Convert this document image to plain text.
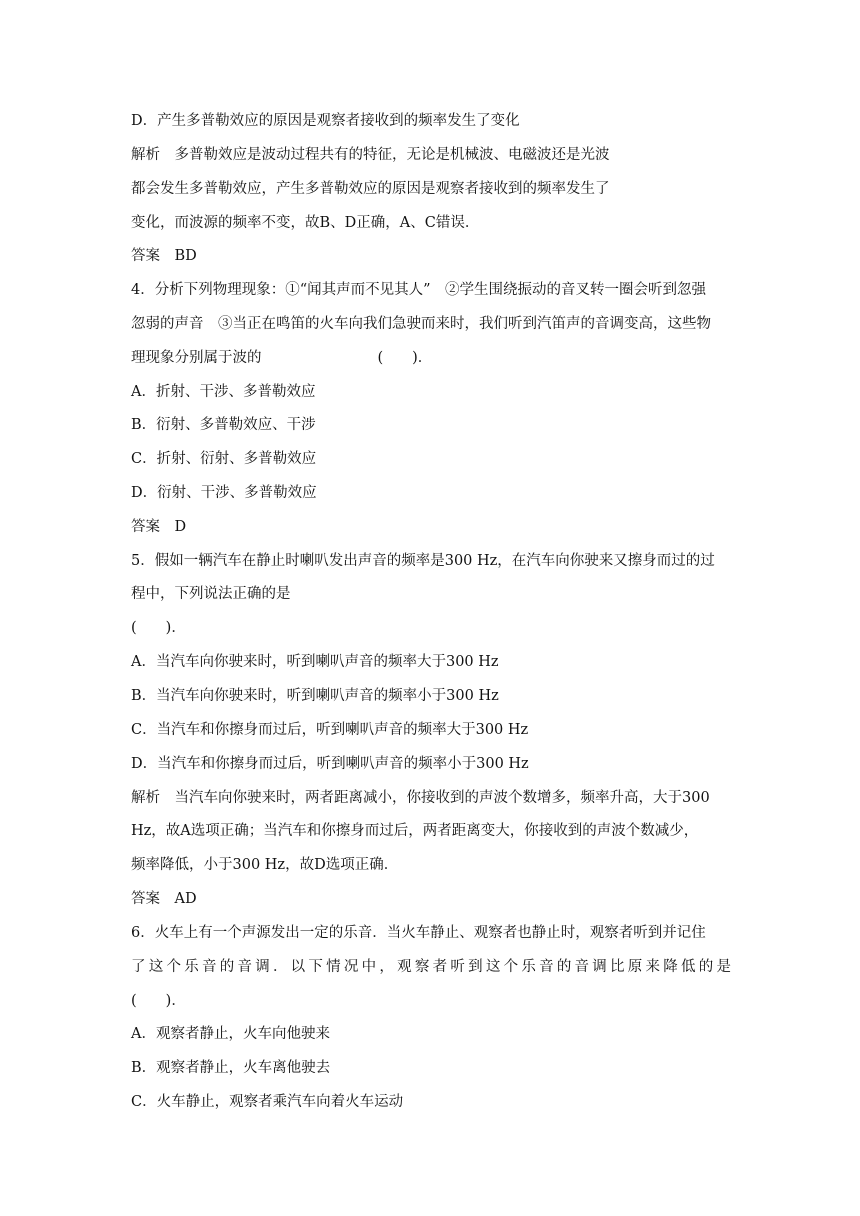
D．产生多普勒效应的原因是观察者接收到的频率发生了变化

解析　多普勒效应是波动过程共有的特征，无论是机械波、电磁波还是光波

都会发生多普勒效应，产生多普勒效应的原因是观察者接收到的频率发生了

变化，而波源的频率不变，故B、D正确，A、C错误．

答案　BD

4．分析下列物理现象：①“闻其声而不见其人”　②学生围绕振动的音叉转一圈会听到忽强

忽弱的声音　③当正在鸣笛的火车向我们急驶而来时，我们听到汽笛声的音调变高，这些物

理现象分别属于波的　　　　　　　　(　　)．

A．折射、干涉、多普勒效应

B．衍射、多普勒效应、干涉

C．折射、衍射、多普勒效应

D．衍射、干涉、多普勒效应

答案　D

5．假如一辆汽车在静止时喇叭发出声音的频率是300 Hz，在汽车向你驶来又擦身而过的过

程中，下列说法正确的是

(　　)．

A．当汽车向你驶来时，听到喇叭声音的频率大于300 Hz

B．当汽车向你驶来时，听到喇叭声音的频率小于300 Hz

C．当汽车和你擦身而过后，听到喇叭声音的频率大于300 Hz

D．当汽车和你擦身而过后，听到喇叭声音的频率小于300 Hz

解析　当汽车向你驶来时，两者距离减小，你接收到的声波个数增多，频率升高，大于300

Hz，故A选项正确；当汽车和你擦身而过后，两者距离变大，你接收到的声波个数减少，

频率降低，小于300 Hz，故D选项正确．

答案　AD

6．火车上有一个声源发出一定的乐音．当火车静止、观察者也静止时，观察者听到并记住

了这个乐音的音调．以下情况中，观察者听到这个乐音的音调比原来降低的是

(　　)．

A．观察者静止，火车向他驶来

B．观察者静止，火车离他驶去

C．火车静止，观察者乘汽车向着火车运动
